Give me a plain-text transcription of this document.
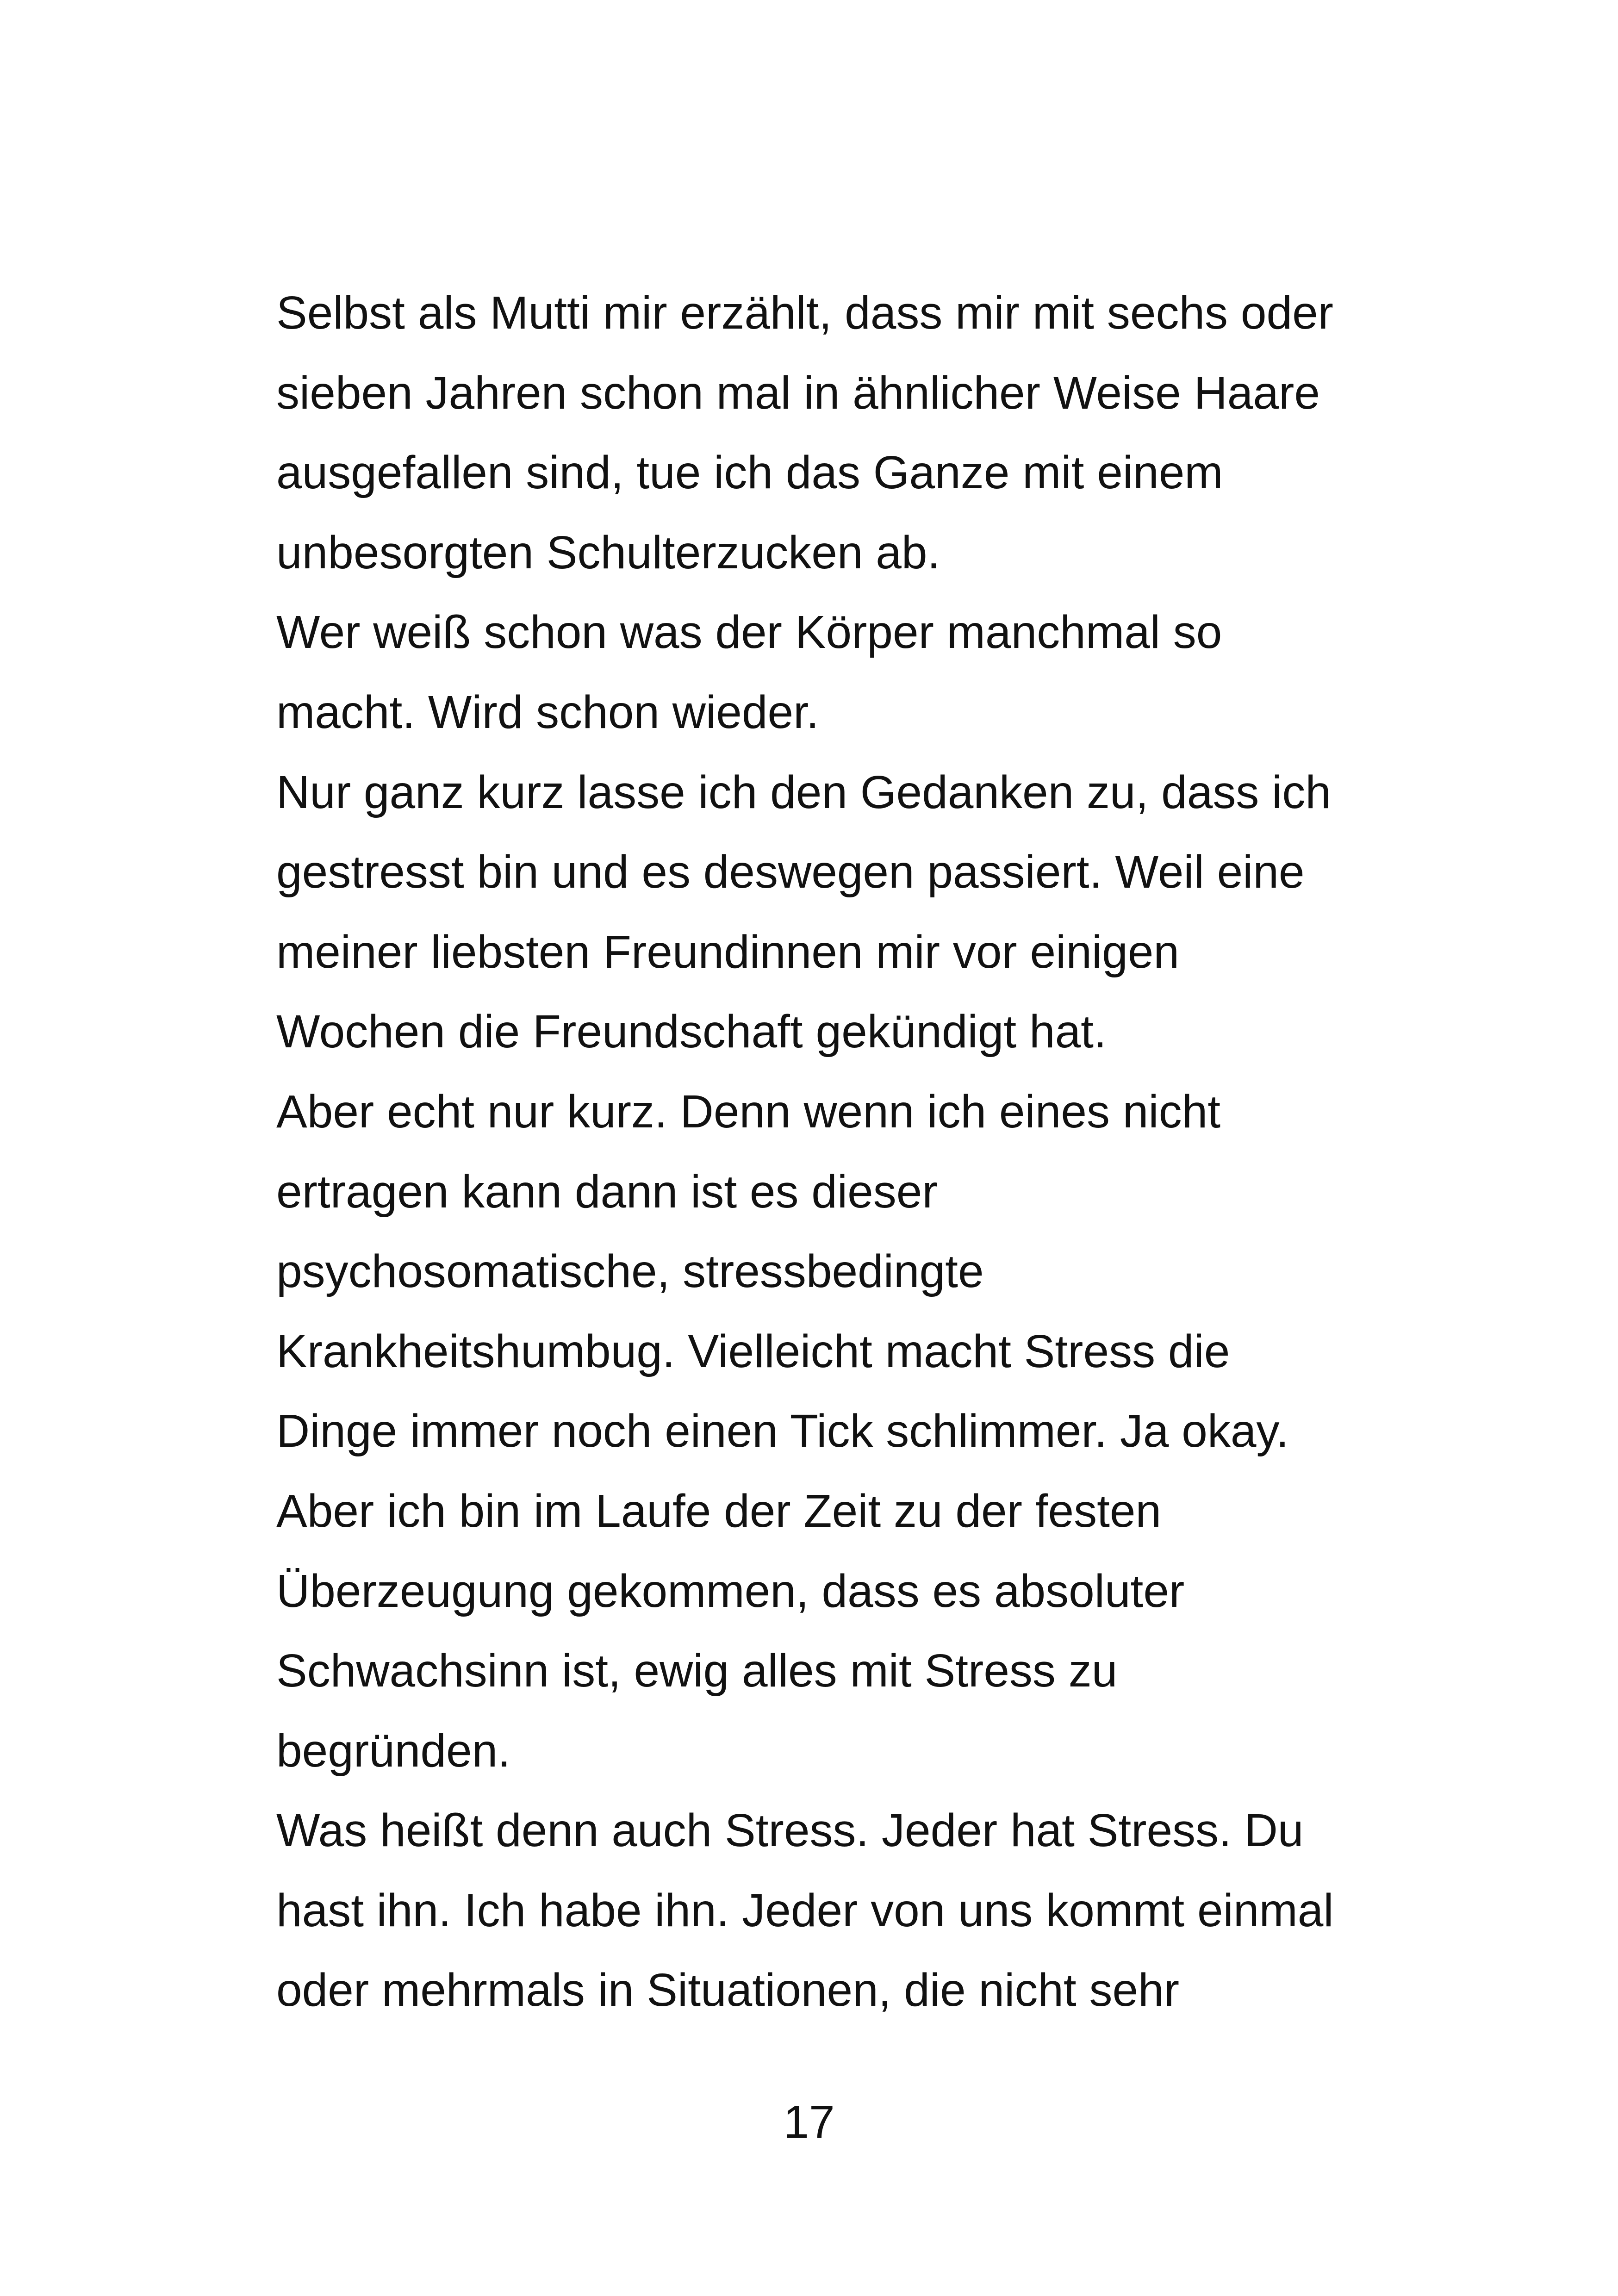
Selbst als Mutti mir erzählt, dass mir mit sechs oder

sieben Jahren schon mal in ähnlicher Weise Haare

ausgefallen sind, tue ich das Ganze mit einem

unbesorgten Schulterzucken ab.

Wer weiß schon was der Körper manchmal so

macht. Wird schon wieder.

Nur ganz kurz lasse ich den Gedanken zu, dass ich

gestresst bin und es deswegen passiert. Weil eine

meiner liebsten Freundinnen mir vor einigen

Wochen die Freundschaft gekündigt hat.

Aber echt nur kurz. Denn wenn ich eines nicht

ertragen kann dann ist es dieser

psychosomatische, stressbedingte

Krankheitshumbug. Vielleicht macht Stress die

Dinge immer noch einen Tick schlimmer. Ja okay.

Aber ich bin im Laufe der Zeit zu der festen

Überzeugung gekommen, dass es absoluter

Schwachsinn ist, ewig alles mit Stress zu

begründen.

Was heißt denn auch Stress. Jeder hat Stress. Du

hast ihn. Ich habe ihn. Jeder von uns kommt einmal

oder mehrmals in Situationen, die nicht sehr

17
